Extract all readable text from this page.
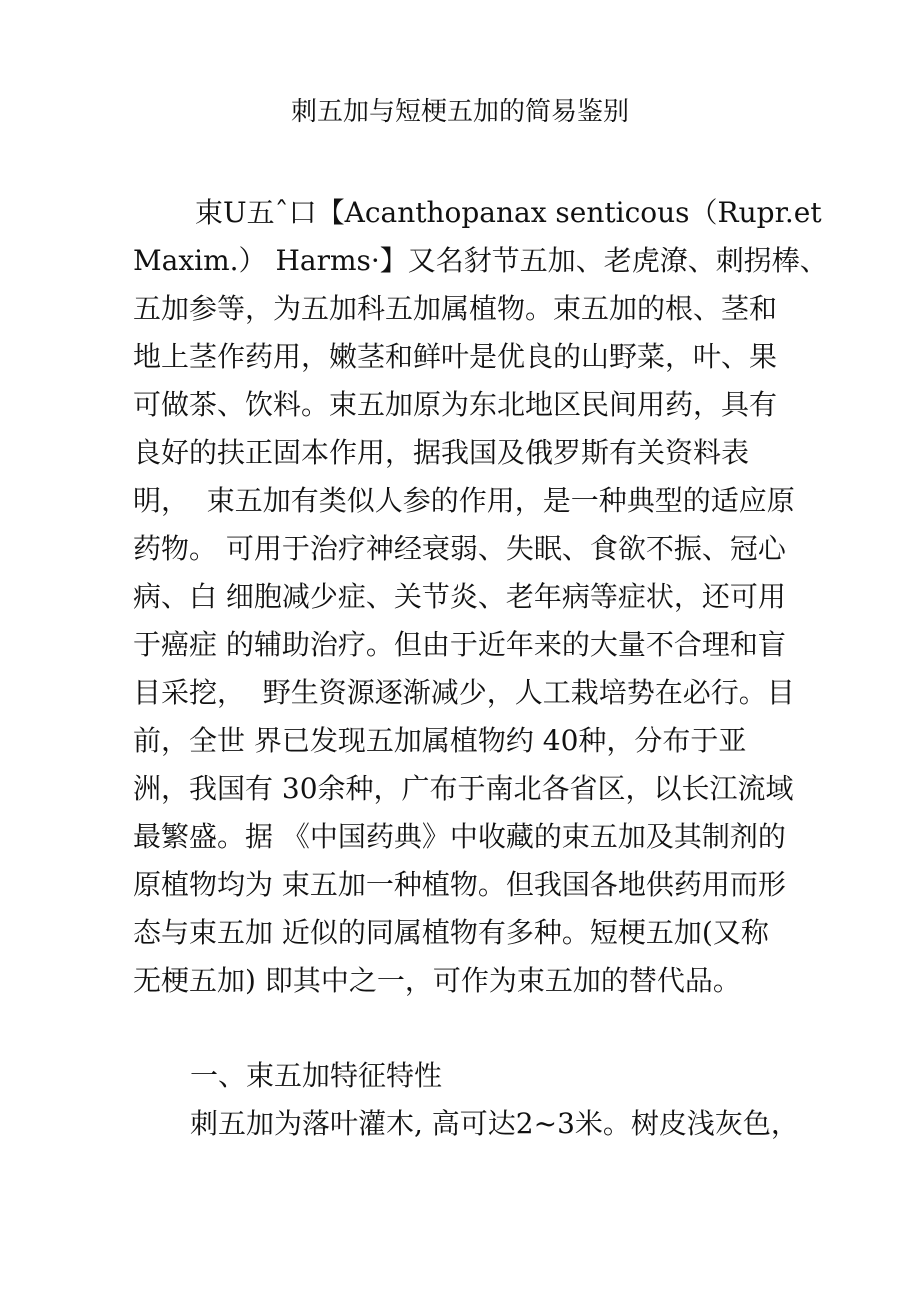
刺五加与短梗五加的简易鉴别
束U五ˆ口【Acanthopanax senticous（Rupr.et
Maxim.） Harms·】又名豺节五加、老虎潦、刺拐棒、
五加参等，为五加科五加属植物。束五加的根、茎和
地上茎作药用，嫩茎和鲜叶是优良的山野菜，叶、果
可做茶、饮料。束五加原为东北地区民间用药，具有
良好的扶正固本作用，据我国及俄罗斯有关资料表
明，  束五加有类似人参的作用，是一种典型的适应原
药物。 可用于治疗神经衰弱、失眠、食欲不振、冠心
病、白 细胞减少症、关节炎、老年病等症状，还可用
于癌症 的辅助治疗。但由于近年来的大量不合理和盲
目采挖，  野生资源逐渐减少，人工栽培势在必行。目
前，全世 界已发现五加属植物约 40种，分布于亚
洲，我国有 30余种，广布于南北各省区，以长江流域
最繁盛。据 《中国药典》中收藏的束五加及其制剂的
原植物均为 束五加一种植物。但我国各地供药用而形
态与束五加 近似的同属植物有多种。短梗五加(又称
无梗五加) 即其中之一，可作为束五加的替代品。
一、束五加特征特性
刺五加为落叶灌木, 高可达2~3米。树皮浅灰色，
